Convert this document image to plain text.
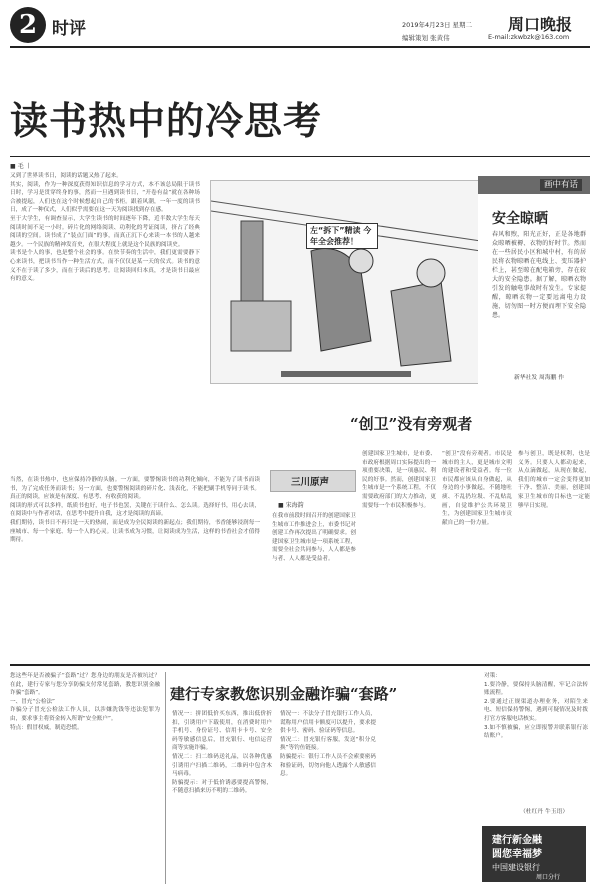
2 时评	2019年4月23日 星期二 周口晚报
编辑策划 张黄伟	E-mail:zkwbzk@163.com
读书热中的冷思考
■ 毛 丨
又到了世界读书日，阅读的话题又热了起来。
其实，阅读，作为一种深度获得知识信息的学习方式，本不该总局限于读书日时，学习是贯穿终身的事，然而一旦遇到读书日，“开卷有益”就在各种场合被提起，人们也在这个时候想起自己的书柜。跟着风潮，一年一度的读书日，成了一种仪式，人们似乎需要在这一天为阅读找到存在感。
至于大学生，有调查显示，大学生读书的时间逐年下降，近半数大学生每天阅读时间不足一小时。碎片化的网络阅读、功利化的考证阅读，挤占了经典阅读的空间。读书成了“装点门面”的事，而真正沉下心来读一本书的人越来越少。一个民族的精神发育史，在很大程度上就是这个民族的阅读史。
读书是个人的事，也是整个社会的事。在快节奏的生活中，我们更需要静下心来读书，把读书当作一种生活方式，而不仅仅是某一天的仪式。读书的意义不在于读了多少，而在于读后的思考。让阅读回归本真，才是读书日最应有的意义。
当然，在读书热中，也应保持冷静的头脑。一方面，要警惕读书的功利化倾向，不能为了读书而读书，为了完成任务而读书；另一方面，也要警惕阅读的碎片化、浅表化，不能把刷手机等同于读书。真正的阅读，应该是有深度、有思考、有收获的阅读。
阅读的形式可以多样，纸质书也好，电子书也罢，关键在于读什么、怎么读。选择好书，用心去读，在阅读中与作者对话，在思考中提升自我，这才是阅读的真谛。
我们期待，读书日不再只是一天的热闹，而是成为全民阅读的新起点；我们期待，书香能够浸润每一座城市、每一个家庭、每一个人的心灵。让读书成为习惯，让阅读成为生活，这样的书香社会才值得期待。
左“拆下”精读 今年全会推荐！
画中有话
安全晾晒
春风和煦，阳光正好，正是各地群众晾晒被褥、衣物的好时节。然而在一些居民小区和城中村，有的居民将衣物晾晒在电线上、变压器护栏上，甚至晾在配电箱旁，存在较大的安全隐患。据了解，晾晒衣物引发的触电事故时有发生。专家提醒，晾晒衣物一定要远离电力设施，切勿图一时方便而埋下安全隐患。
新华社发 周海鹏 作
“创卫”没有旁观者
三川原声
■ 宋海韵
在我市前段时间召开的创建国家卫生城市工作推进会上，市委书记对创建工作再次提出了明确要求。创建国家卫生城市是一项系统工程，需要全社会共同参与，人人都是参与者、人人都是受益者。
创建国家卫生城市，是市委、市政府根据周口实际提出的一项重要决策，是一项惠民、利民的好事。然而，创建国家卫生城市是一个系统工程，不仅需要政府部门的大力推动，更需要每一个市民积极参与。
“创卫”没有旁观者。市民是城市的主人，更是城市文明的建设者和受益者。每一位市民都应该从自身做起，从身边的小事做起，不随地吐痰、不乱扔垃圾、不乱贴乱画，自觉维护公共环境卫生，为创建国家卫生城市贡献自己的一份力量。
参与创卫，既是权利，也是义务。只要人人都动起来，从点滴做起，从现在做起，我们的城市一定会变得更加干净、整洁、美丽，创建国家卫生城市的目标也一定能够早日实现。
建行专家教您识别金融诈骗“套路”
您这些年是否被骗子“套路”过？您身边的朋友是否被坑过？在此，建行专家与您分享防骗支付常见套路，教您识别金融诈骗“套路”。
一、冒充“公检法”
诈骗分子冒充公检法工作人员，以涉嫌洗钱等违法犯罪为由，要求事主将资金转入所谓“安全账户”。
特点：假冒权威，制造恐慌。
情况一：拼团低价买东西，推出低价折扣，引诱用户下载使用，在消费时用户手机号、身份证号、信用卡卡号、安全码等敏感信息后，冒充银行、电信运营商等实施诈骗。
情况二：扫二维码送礼品，以各种优惠引诱用户扫描二维码，二维码中包含木马病毒。
防骗提示：对于低价诱惑要提高警惕，不随意扫描来历不明的二维码。
情况一：不法分子冒充银行工作人员，谎称用户信用卡额度可以提升，要求提供卡号、密码、验证码等信息。
情况二：冒充银行客服，发送“积分兑换”等钓鱼链接。
防骗提示：银行工作人员不会索要密码和验证码，切勿向他人透露个人敏感信息。
对策：
1.要冷静，要保持头脑清醒，牢记合法转账流程。
2.要通过正规渠道办理业务，对陌生来电、短信保持警惕，遇到可疑情况及时拨打官方客服电话核实。
3.如不慎被骗，应立即报警并联系银行冻结账户。
（杜红丹 牛玉语）
建行新金融
圆您幸福梦
中国建设银行
周口分行
